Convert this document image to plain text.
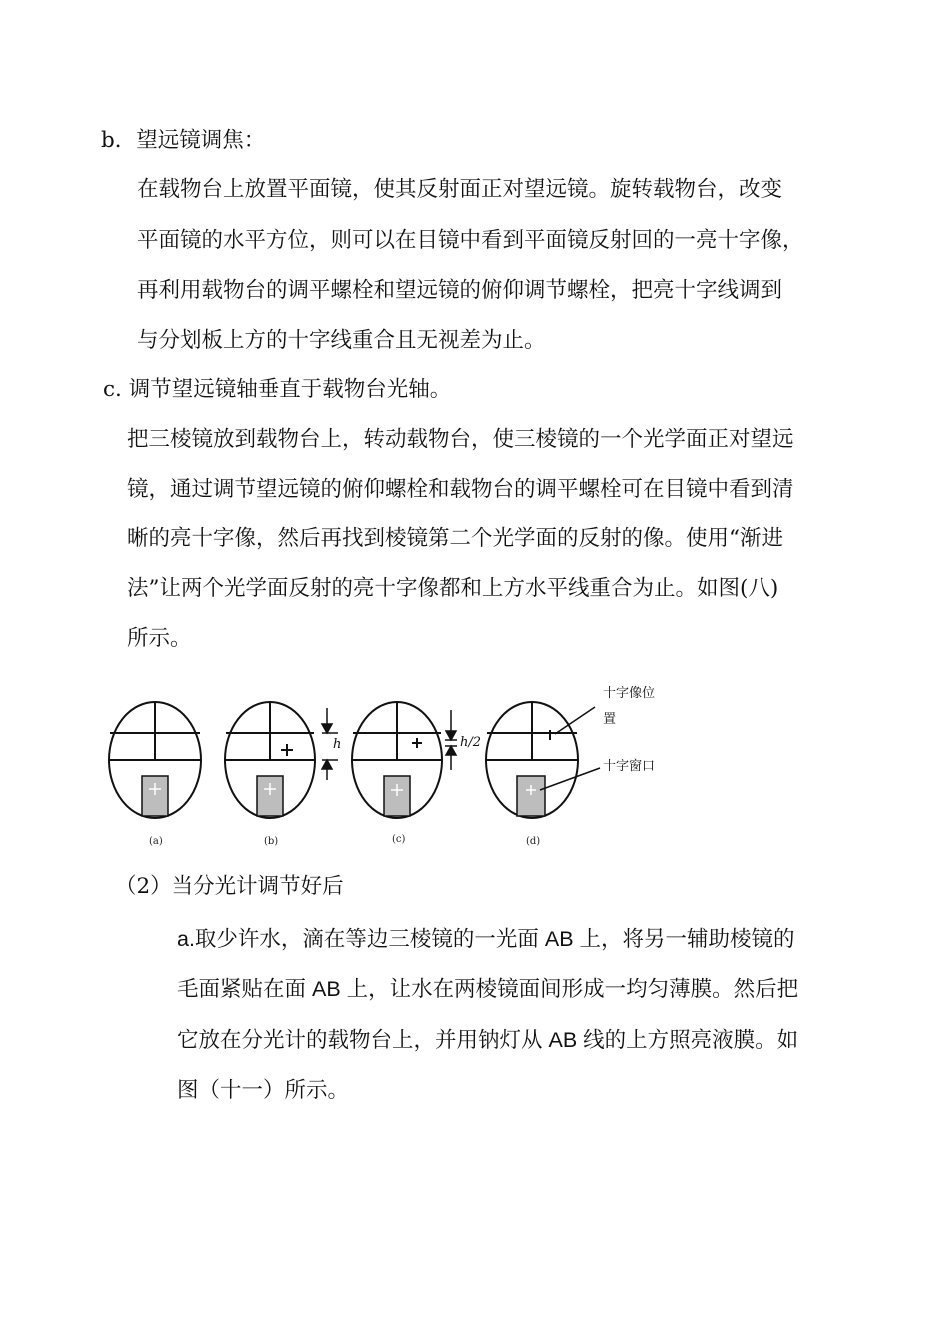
b．望远镜调焦：
在载物台上放置平面镜，使其反射面正对望远镜。旋转载物台，改变
平面镜的水平方位，则可以在目镜中看到平面镜反射回的一亮十字像，
再利用载物台的调平螺栓和望远镜的俯仰调节螺栓，把亮十字线调到
与分划板上方的十字线重合且无视差为止。
c. 调节望远镜轴垂直于载物台光轴。
把三棱镜放到载物台上，转动载物台，使三棱镜的一个光学面正对望远
镜，通过调节望远镜的俯仰螺栓和载物台的调平螺栓可在目镜中看到清
晰的亮十字像，然后再找到棱镜第二个光学面的反射的像。使用“渐进
法”让两个光学面反射的亮十字像都和上方水平线重合为止。如图(八)
所示。
h	h/2
十字像位
置
十字窗口
(a)	(b)	(c)	(d)
（2）当分光计调节好后
a.取少许水，滴在等边三棱镜的一光面 AB 上，将另一辅助棱镜的
毛面紧贴在面 AB 上，让水在两棱镜面间形成一均匀薄膜。然后把
它放在分光计的载物台上，并用钠灯从 AB 线的上方照亮液膜。如
图（十一）所示。
